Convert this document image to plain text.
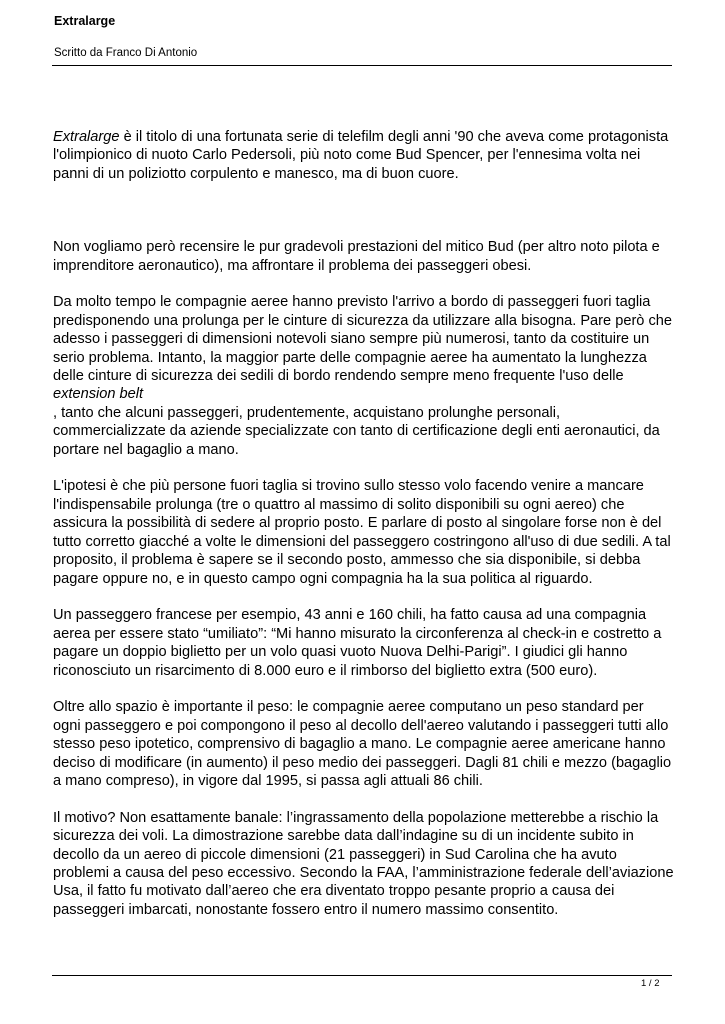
Extralarge
Scritto da Franco Di Antonio

Extralarge è il titolo di una fortunata serie di telefilm degli anni '90 che aveva come protagonista l'olimpionico di nuoto Carlo Pedersoli, più noto come Bud Spencer, per l'ennesima volta nei panni di un poliziotto corpulento e manesco, ma di buon cuore.

Non vogliamo però recensire le pur gradevoli prestazioni del mitico Bud (per altro noto pilota e imprenditore aeronautico), ma affrontare il problema dei passeggeri obesi.

Da molto tempo le compagnie aeree hanno previsto l'arrivo a bordo di passeggeri fuori taglia predisponendo una prolunga per le cinture di sicurezza da utilizzare alla bisogna. Pare però che adesso i passeggeri di dimensioni notevoli siano sempre più numerosi, tanto da costituire un serio problema. Intanto, la maggior parte delle compagnie aeree ha aumentato la lunghezza delle cinture di sicurezza dei sedili di bordo rendendo sempre meno frequente l'uso delle extension belt
, tanto che alcuni passeggeri, prudentemente, acquistano prolunghe personali, commercializzate da aziende specializzate con tanto di certificazione degli enti aeronautici, da portare nel bagaglio a mano.

L'ipotesi è che più persone fuori taglia si trovino sullo stesso volo facendo venire a mancare l'indispensabile prolunga (tre o quattro al massimo di solito disponibili su ogni aereo) che assicura la possibilità di sedere al proprio posto. E parlare di posto al singolare forse non è del tutto corretto giacché a volte le dimensioni del passeggero costringono all'uso di due sedili. A tal proposito, il problema è sapere se il secondo posto, ammesso che sia disponibile, si debba pagare oppure no, e in questo campo ogni compagnia ha la sua politica al riguardo.

Un passeggero francese per esempio, 43 anni e 160 chili, ha fatto causa ad una compagnia aerea per essere stato “umiliato”: “Mi hanno misurato la circonferenza al check-in e costretto a pagare un doppio biglietto per un volo quasi vuoto Nuova Delhi-Parigi”. I giudici gli hanno riconosciuto un risarcimento di 8.000 euro e il rimborso del biglietto extra (500 euro).

Oltre allo spazio è importante il peso: le compagnie aeree computano un peso standard per ogni passeggero e poi compongono il peso al decollo dell'aereo valutando i passeggeri tutti allo stesso peso ipotetico, comprensivo di bagaglio a mano. Le compagnie aeree americane hanno deciso di modificare (in aumento) il peso medio dei passeggeri. Dagli 81 chili e mezzo (bagaglio a mano compreso), in vigore dal 1995, si passa agli attuali 86 chili.

Il motivo? Non esattamente banale: l’ingrassamento della popolazione metterebbe a rischio la sicurezza dei voli. La dimostrazione sarebbe data dall’indagine su di un incidente subito in decollo da un aereo di piccole dimensioni (21 passeggeri) in Sud Carolina che ha avuto problemi a causa del peso eccessivo. Secondo la FAA, l’amministrazione federale dell’aviazione Usa, il fatto fu motivato dall’aereo che era diventato troppo pesante proprio a causa dei passeggeri imbarcati, nonostante fossero entro il numero massimo consentito.

1 / 2
